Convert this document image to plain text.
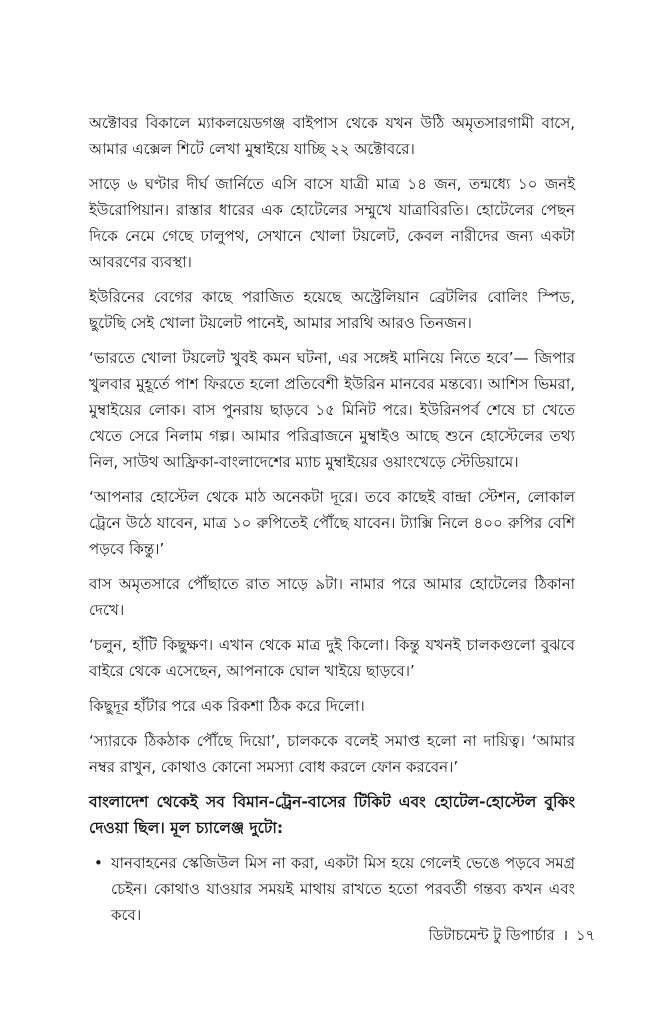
অক্টোবর বিকালে ম্যাকলয়েডগঞ্জ বাইপাস থেকে যখন উঠি অমৃতসারগামী বাসে, আমার এক্সেল শিটে লেখা মুম্বাইয়ে যাচ্ছি ২২ অক্টোবরে।

সাড়ে ৬ ঘণ্টার দীর্ঘ জার্নিতে এসি বাসে যাত্রী মাত্র ১৪ জন, তন্মধ্যে ১০ জনই ইউরোপিয়ান। রাস্তার ধারের এক হোটেলের সম্মুখে যাত্রাবিরতি। হোটেলের পেছন দিকে নেমে গেছে ঢালুপথ, সেখানে খোলা টয়লেট, কেবল নারীদের জন্য একটা আবরণের ব্যবস্থা।

ইউরিনের বেগের কাছে পরাজিত হয়েছে অস্ট্রেলিয়ান ব্রেটলির বোলিং স্পিড, ছুটেছি সেই খোলা টয়লেট পানেই, আমার সারথি আরও তিনজন।

‘ভারতে খোলা টয়লেট খুবই কমন ঘটনা, এর সঙ্গেই মানিয়ে নিতে হবে’— জিপার খুলবার মুহূর্তে পাশ ফিরতে হলো প্রতিবেশী ইউরিন মানবের মন্তব্যে। আশিস ভিমরা, মুম্বাইয়ের লোক। বাস পুনরায় ছাড়বে ১৫ মিনিট পরে। ইউরিনপর্ব শেষে চা খেতে খেতে সেরে নিলাম গল্প। আমার পরিব্রাজনে মুম্বাইও আছে শুনে হোস্টেলের তথ্য নিল, সাউথ আফ্রিকা-বাংলাদেশের ম্যাচ মুম্বাইয়ের ওয়াংখেড়ে স্টেডিয়ামে।

‘আপনার হোস্টেল থেকে মাঠ অনেকটা দূরে। তবে কাছেই বান্দ্রা স্টেশন, লোকাল ট্রেনে উঠে যাবেন, মাত্র ১০ রুপিতেই পৌঁছে যাবেন। ট্যাক্সি নিলে ৪০০ রুপির বেশি পড়বে কিন্তু।’

বাস অমৃতসারে পৌঁছাতে রাত সাড়ে ৯টা। নামার পরে আমার হোটেলের ঠিকানা দেখে।

‘চলুন, হাঁটি কিছুক্ষণ। এখান থেকে মাত্র দুই কিলো। কিন্তু যখনই চালকগুলো বুঝবে বাইরে থেকে এসেছেন, আপনাকে ঘোল খাইয়ে ছাড়বে।’

কিছুদূর হাঁটার পরে এক রিকশা ঠিক করে দিলো।

‘স্যারকে ঠিকঠাক পৌঁছে দিয়ো’, চালককে বলেই সমাপ্ত হলো না দায়িত্ব। ‘আমার নম্বর রাখুন, কোথাও কোনো সমস্যা বোধ করলে ফোন করবেন।’

বাংলাদেশ থেকেই সব বিমান-ট্রেন-বাসের টিকিট এবং হোটেল-হোস্টেল বুকিং দেওয়া ছিল। মূল চ্যালেঞ্জ দুটো:

• যানবাহনের স্কেজিউল মিস না করা, একটা মিস হয়ে গেলেই ভেঙে পড়বে সমগ্র চেইন। কোথাও যাওয়ার সময়ই মাথায় রাখতে হতো পরবর্তী গন্তব্য কখন এবং কবে।
ডিটাচমেন্ট টু ডিপার্চার । ১৭
